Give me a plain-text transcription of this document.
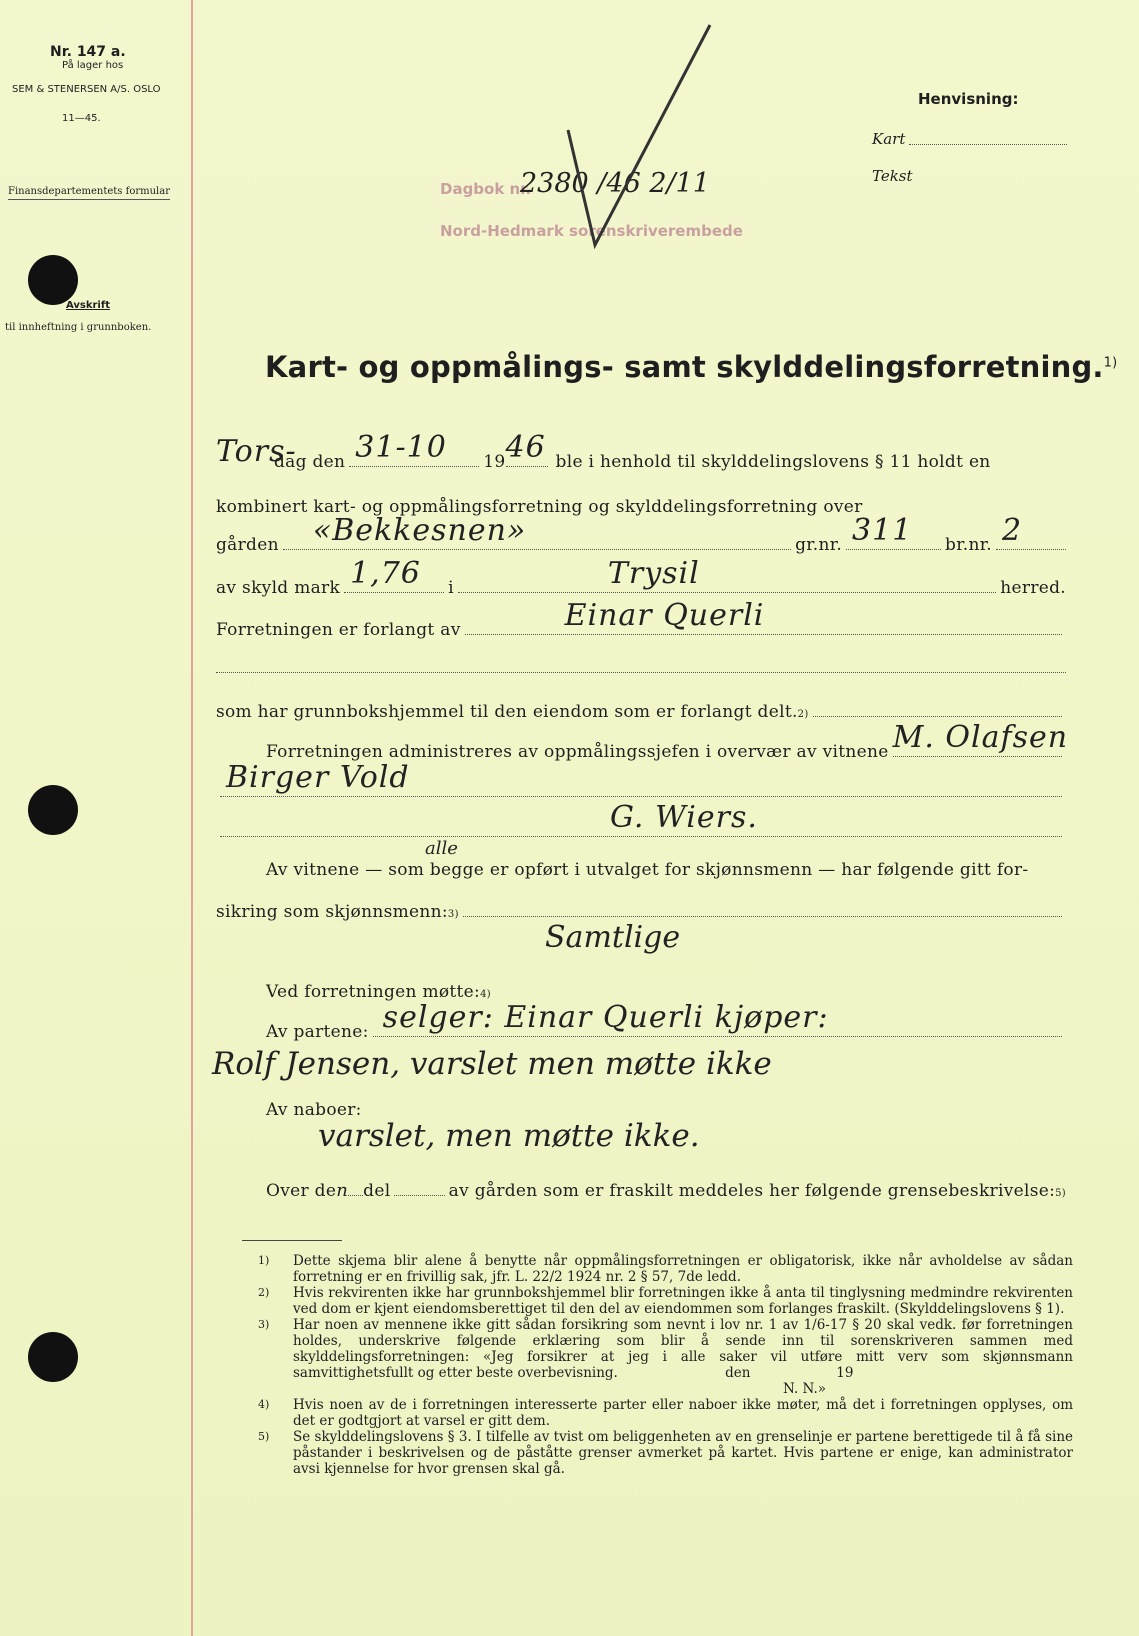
Nr. 147 a.
På lager hos
SEM & STENERSEN A/S. OSLO
11—45.
Finansdepartementets formular
Avskrift
til innheftning i grunnboken.
Henvisning:
Kart
Tekst
Dagbok nr.
Nord-Hedmark sorenskriverembede
2380 /46 2/11
Kart- og oppmålings- samt skylddelingsforretning.$^{1)}$
Tors-
dag den 31-10 19 46 ble i henhold til skylddelingslovens § 11 holdt en
kombinert kart- og oppmålingsforretning og skylddelingsforretning over
gården «Bekkesnen»	gr.nr. 311 br.nr. 2
av skyld mark 1,76 i	Trysil	herred.
Forretningen er forlangt av	Einar Querli
som har grunnbokshjemmel til den eiendom som er forlangt delt. 2)
Forretningen administreres av oppmålingssjefen i overvær av vitnene M. Olafsen
Birger Vold
G. Wiers.
alle
Av vitnene — som begge er opført i utvalget for skjønnsmenn — har følgende gitt for-
sikring som skjønnsmenn: 3)
Samtlige
Ved forretningen møtte: 4)
Av partene: selger: Einar Querli kjøper:
Rolf Jensen, varslet men møtte ikke
Av naboer:
varslet, men møtte ikke.
Over de n del	av gården som er fraskilt meddeles her følgende grensebeskrivelse: 5)
1)	Dette skjema blir alene å benytte når oppmålingsforretningen er obligatorisk, ikke når avholdelse av sådan forretning er en frivillig sak, jfr. L. 22/2 1924 nr. 2 § 57, 7de ledd.
2)	Hvis rekvirenten ikke har grunnbokshjemmel blir forretningen ikke å anta til tinglysning medmindre rekvirenten ved dom er kjent eiendomsberettiget til den del av eiendommen som forlanges fraskilt. (Skylddelingslovens § 1).
3)	Har noen av mennene ikke gitt sådan forsikring som nevnt i lov nr. 1 av 1/6-17 § 20 skal vedk. før forretningen holdes, underskrive følgende erklæring som blir å sende inn til sorenskriveren sammen med skylddelingsforretningen: «Jeg forsikrer at jeg i alle saker vil utføre mitt verv som skjønnsmann samvittighetsfullt og etter beste overbevisning.                         den                    19
N. N.»
4)	Hvis noen av de i forretningen interesserte parter eller naboer ikke møter, må det i forretningen opplyses, om det er godtgjort at varsel er gitt dem.
5)	Se skylddelingslovens § 3. I tilfelle av tvist om beliggenheten av en grenselinje er partene berettigede til å få sine påstander i beskrivelsen og de påståtte grenser avmerket på kartet. Hvis partene er enige, kan administrator avsi kjennelse for hvor grensen skal gå.
